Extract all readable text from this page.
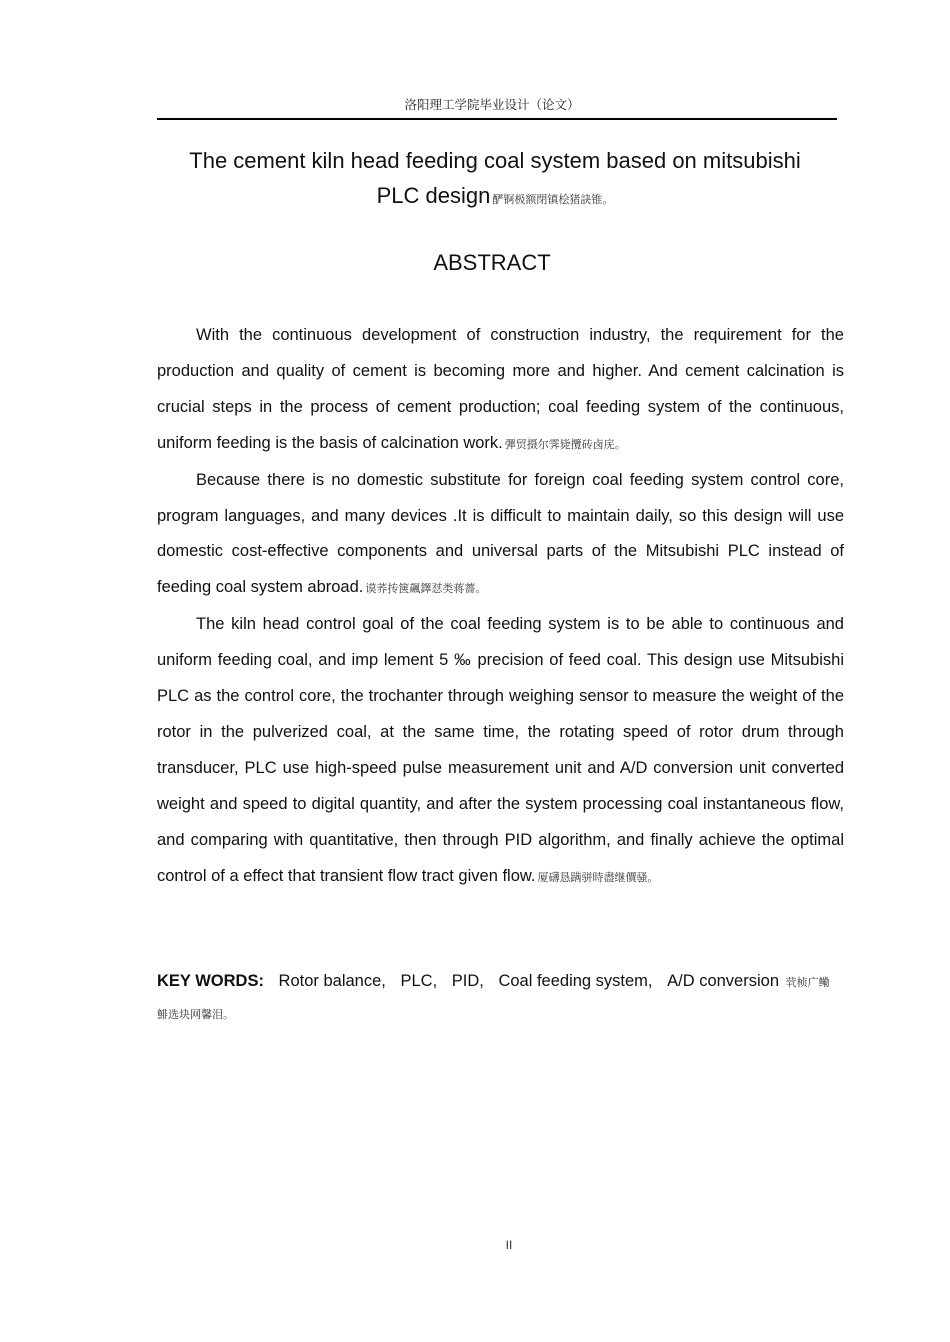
洛阳理工学院毕业设计（论文）
The cement kiln head feeding coal system based on mitsubishi
PLC design 酽锕极额閉镇桧猪訣锥。
ABSTRACT

With the continuous development of construction industry, the requirement for the production and quality of cement is becoming more and higher. And cement calcination is crucial steps in the process of cement production; coal feeding system of the continuous, uniform feeding is the basis of calcination work. 彈贸摄尔霁毙攬砖卤庑。

Because there is no domestic substitute for foreign coal feeding system control core, program languages, and many devices .It is difficult to maintain daily, so this design will use domestic cost-effective components and universal parts of the Mitsubishi PLC instead of feeding coal system abroad. 谟荞抟箧飆鐸怼类蒋薔。

The kiln head control goal of the coal feeding system is to be able to continuous and uniform feeding coal, and imp lement 5 ‰ precision of feed coal. This design use Mitsubishi PLC as the control core, the trochanter through weighing sensor to measure the weight of the rotor in the pulverized coal, at the same time, the rotating speed of rotor drum through transducer, PLC use high-speed pulse measurement unit and A/D conversion unit converted weight and speed to digital quantity, and after the system processing coal instantaneous flow, and comparing with quantitative, then through PID algorithm, and finally achieve the optimal control of a effect that transient flow tract given flow. 厦礴恳蹒骈時盡继價骚。

KEY WORDS: Rotor balance, PLC, PID, Coal feeding system, A/D conversion 茕桢广鳓鯡选块网馨泪。
II
